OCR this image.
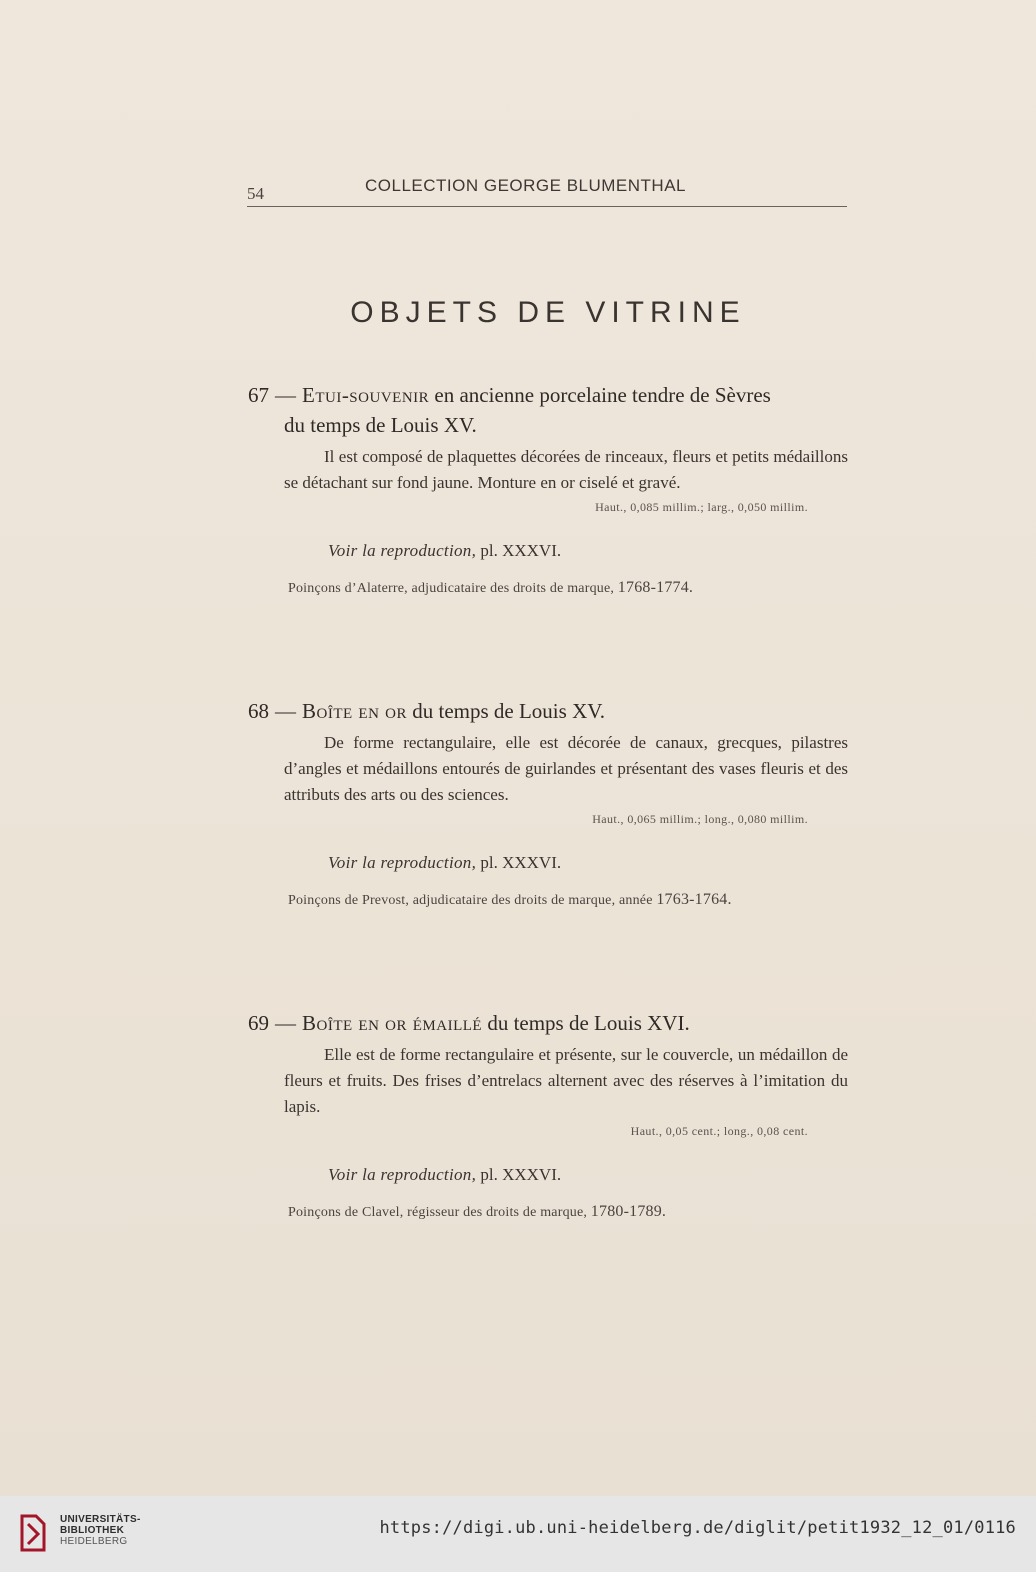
54	COLLECTION GEORGE BLUMENTHAL
OBJETS DE VITRINE
67 — Etui-souvenir en ancienne porcelaine tendre de Sèvres
du temps de Louis XV.
Il est composé de plaquettes décorées de rinceaux, fleurs et petits médaillons se détachant sur fond jaune. Monture en or ciselé et gravé.
Haut., 0,085 millim.; larg., 0,050 millim.
Voir la reproduction, pl. XXXVI.
Poinçons d’Alaterre, adjudicataire des droits de marque, 1768-1774.
68 — Boîte en or du temps de Louis XV.
De forme rectangulaire, elle est décorée de canaux, grecques, pilastres d’angles et médaillons entourés de guirlandes et présentant des vases fleuris et des attributs des arts ou des sciences.
Haut., 0,065 millim.; long., 0,080 millim.
Voir la reproduction, pl. XXXVI.
Poinçons de Prevost, adjudicataire des droits de marque, année 1763-1764.
69 — Boîte en or émaillé du temps de Louis XVI.
Elle est de forme rectangulaire et présente, sur le couvercle, un médaillon de fleurs et fruits. Des frises d’entrelacs alternent avec des réserves à l’imitation du lapis.
Haut., 0,05 cent.; long., 0,08 cent.
Voir la reproduction, pl. XXXVI.
Poinçons de Clavel, régisseur des droits de marque, 1780-1789.
UNIVERSITÄTS-
BIBLIOTHEK
HEIDELBERG
https://digi.ub.uni-heidelberg.de/diglit/petit1932_12_01/0116
